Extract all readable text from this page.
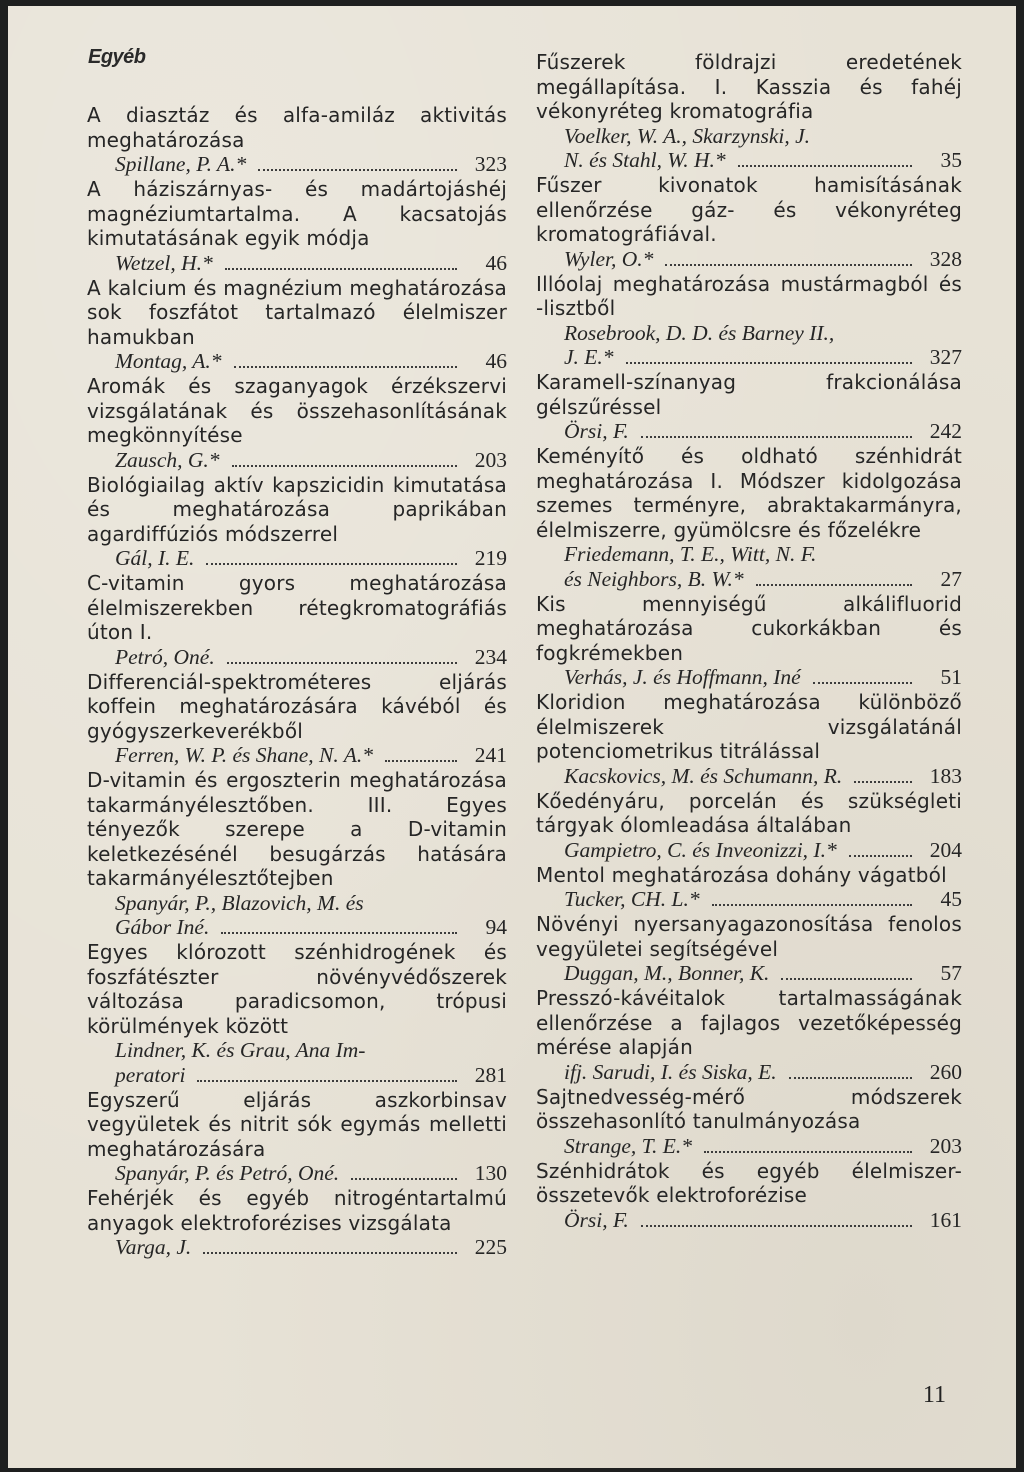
Egyéb

A diasztáz és alfa-amiláz aktivitás meghatározása

Spillane, P. A.*	323

A háziszárnyas- és madártojáshéj magnéziumtartalma. A kacsatojás kimutatásának egyik módja

Wetzel, H.*	46

A kalcium és magnézium meghatározása sok foszfátot tartalmazó élelmiszer hamukban

Montag, A.*	46

Aromák és szaganyagok érzékszervi vizsgálatának és összehasonlításának megkönnyítése

Zausch, G.*	203

Biológiailag aktív kapszicidin kimutatása és meghatározása paprikában agardiffúziós módszerrel

Gál, I. E.	219

C-vitamin gyors meghatározása élelmiszerekben rétegkromatográfiás úton I.

Petró, Oné.	234

Differenciál-spektrométeres eljárás koffein meghatározására kávéból és gyógyszerkeverékből

Ferren, W. P. és Shane, N. A.*	241

D-vitamin és ergoszterin meghatározása takarmányélesztőben. III. Egyes tényezők szerepe a D-vitamin keletkezésénél besugárzás hatására takarmányélesztőtejben

Spanyár, P., Blazovich, M. és

Gábor Iné.	94

Egyes klórozott szénhidrogének és foszfátészter növényvédőszerek változása paradicsomon, trópusi körülmények között

Lindner, K. és Grau, Ana Im-

peratori	281

Egyszerű eljárás aszkorbinsav vegyületek és nitrit sók egymás melletti meghatározására

Spanyár, P. és Petró, Oné.	130

Fehérjék és egyéb nitrogéntartalmú anyagok elektroforézises vizsgálata

Varga, J.	225

Fűszerek földrajzi eredetének megállapítása. I. Kasszia és fahéj vékonyréteg kromatográfia

Voelker, W. A., Skarzynski, J.

N. és Stahl, W. H.*	35

Fűszer kivonatok hamisításának ellenőrzése gáz- és vékonyréteg kromatográfiával.

Wyler, O.*	328

Illóolaj meghatározása mustármagból és -lisztből

Rosebrook, D. D. és Barney II.,

J. E.*	327

Karamell-színanyag frakcionálása gélszűréssel

Örsi, F.	242

Keményítő és oldható szénhidrát meghatározása I. Módszer kidolgozása szemes terményre, abraktakarmányra, élelmiszerre, gyümölcsre és főzelékre

Friedemann, T. E., Witt, N. F.

és Neighbors, B. W.*	27

Kis mennyiségű alkálifluorid meghatározása cukorkákban és fogkrémekben

Verhás, J. és Hoffmann, Iné	51

Kloridion meghatározása különböző élelmiszerek vizsgálatánál potenciometrikus titrálással

Kacskovics, M. és Schumann, R.	183

Kőedényáru, porcelán és szükségleti tárgyak ólomleadása általában

Gampietro, C. és Inveonizzi, I.*	204

Mentol meghatározása dohány vágatból

Tucker, CH. L.*	45

Növényi nyersanyagazonosítása fenolos vegyületei segítségével

Duggan, M., Bonner, K.	57

Presszó-kávéitalok tartalmasságának ellenőrzése a fajlagos vezetőképesség mérése alapján

ifj. Sarudi, I. és Siska, E.	260

Sajtnedvesség-mérő módszerek összehasonlító tanulmányozása

Strange, T. E.*	203

Szénhidrátok és egyéb élelmiszer-összetevők elektroforézise

Örsi, F.	161

11
